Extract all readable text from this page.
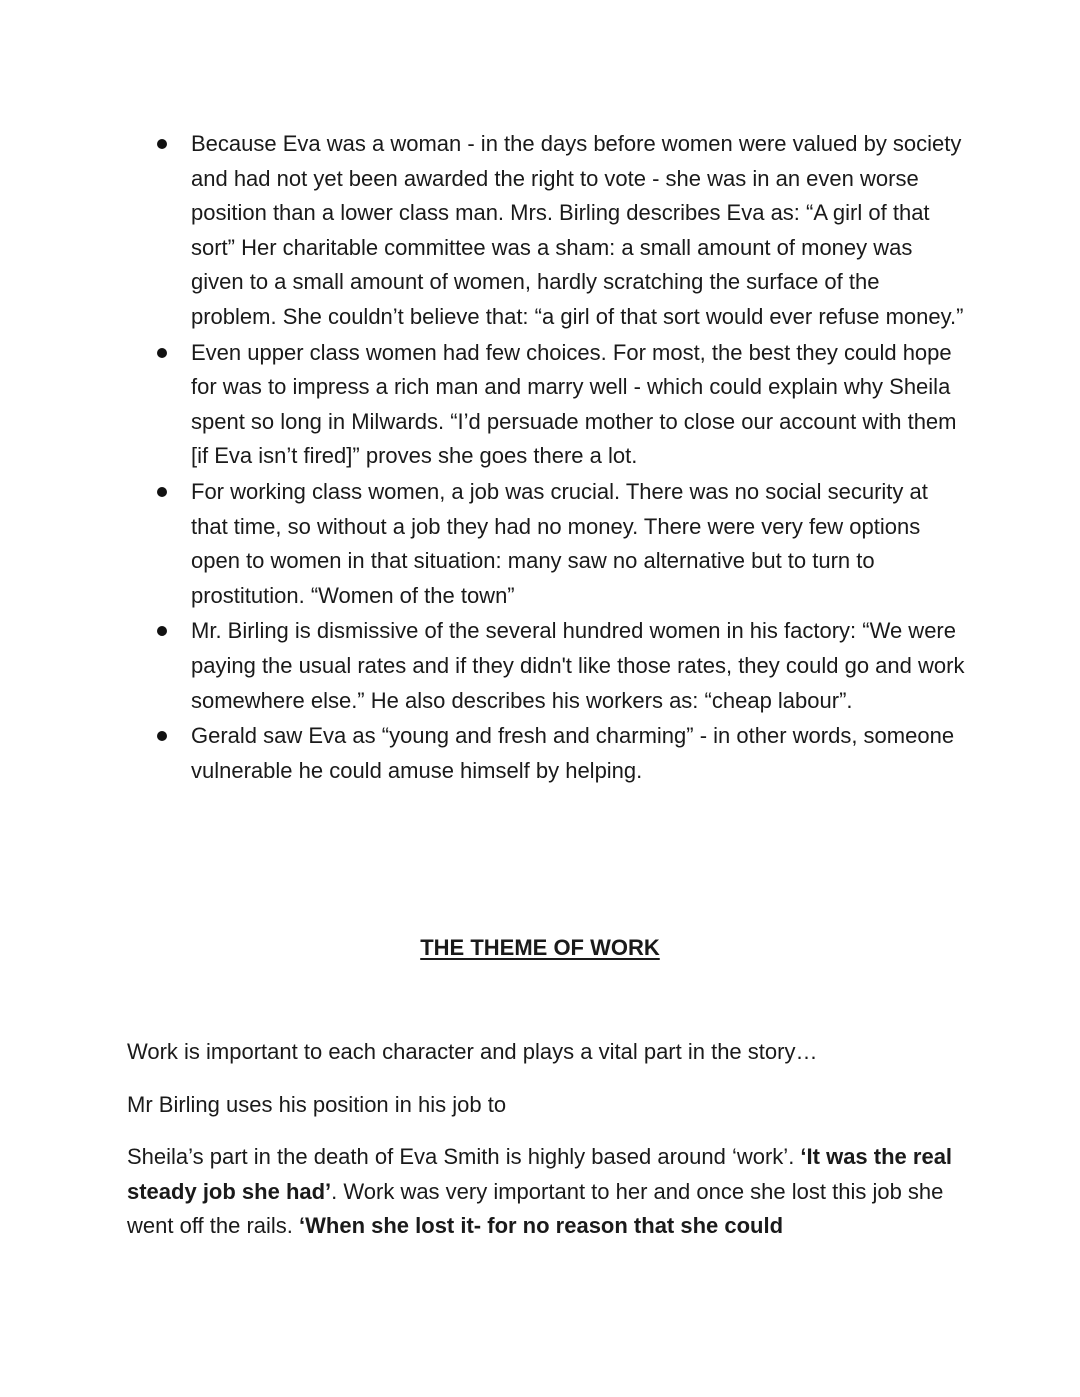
Because Eva was a woman - in the days before women were valued by society and had not yet been awarded the right to vote - she was in an even worse position than a lower class man. Mrs. Birling describes Eva as: “A girl of that sort” Her charitable committee was a sham: a small amount of money was given to a small amount of women, hardly scratching the surface of the problem. She couldn’t believe that: “a girl of that sort would ever refuse money.”
Even upper class women had few choices. For most, the best they could hope for was to impress a rich man and marry well - which could explain why Sheila spent so long in Milwards. “I’d persuade mother to close our account with them [if Eva isn’t fired]” proves she goes there a lot.
For working class women, a job was crucial. There was no social security at that time, so without a job they had no money. There were very few options open to women in that situation: many saw no alternative but to turn to prostitution. “Women of the town”
Mr. Birling is dismissive of the several hundred women in his factory: “We were paying the usual rates and if they didn't like those rates, they could go and work somewhere else.” He also describes his workers as: “cheap labour”.
Gerald saw Eva as “young and fresh and charming” - in other words, someone vulnerable he could amuse himself by helping.
THE THEME OF WORK

Work is important to each character and plays a vital part in the story…

Mr Birling uses his position in his job to

Sheila’s part in the death of Eva Smith is highly based around ‘work’. ‘It was the real steady job she had’. Work was very important to her and once she lost this job she went off the rails. ‘When she lost it- for no reason that she could
